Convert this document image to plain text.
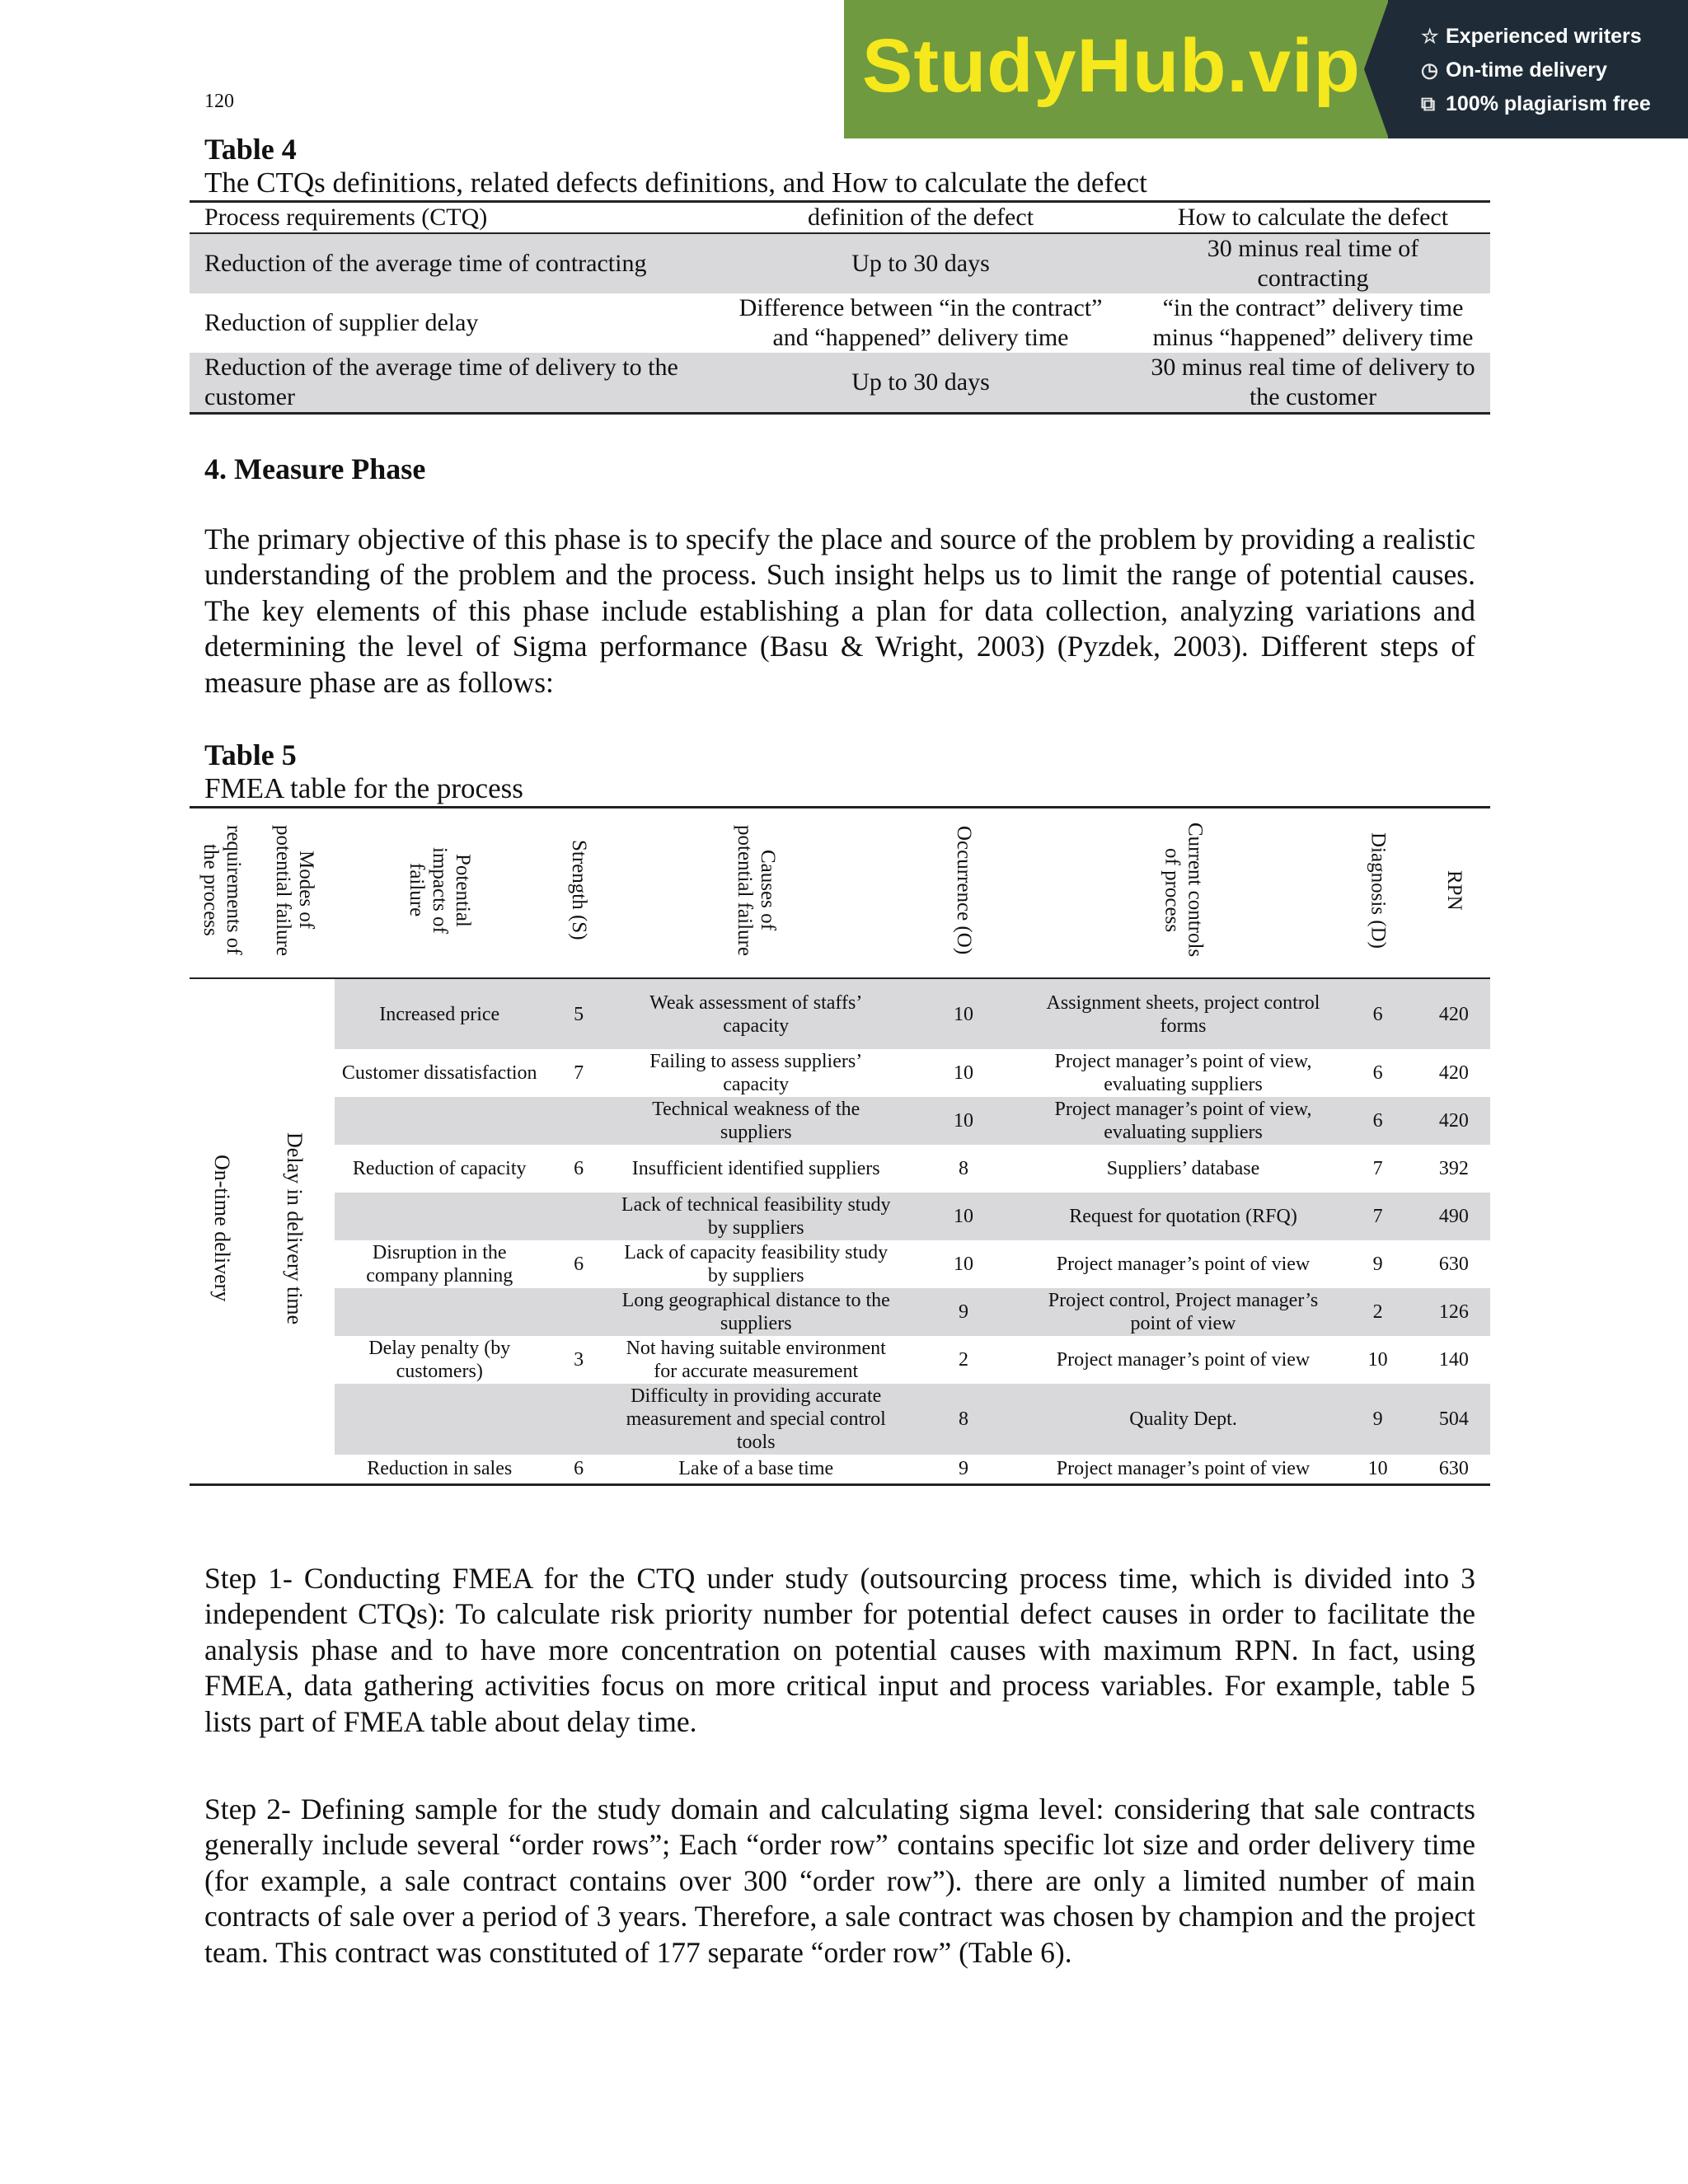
StudyHub.vip	☆ Experienced writers
◷ On-time delivery
⧉ 100% plagiarism free
120
Table 4
The CTQs definitions, related defects definitions, and How to calculate the defect
Process requirements (CTQ)	definition of the defect	How to calculate the defect
Reduction of the average time of contracting	Up to 30 days	30 minus real time of contracting
Reduction of supplier delay	Difference between “in the contract” and “happened” delivery time	“in the contract” delivery time minus “happened” delivery time
Reduction of the average time of delivery to the customer	Up to 30 days	30 minus real time of delivery to the customer
4. Measure Phase
The primary objective of this phase is to specify the place and source of the problem by providing a realistic understanding of the problem and the process. Such insight helps us to limit the range of potential causes. The key elements of this phase include establishing a plan for data collection, analyzing variations and determining the level of Sigma performance (Basu & Wright, 2003) (Pyzdek, 2003). Different steps of measure phase are as follows:
Table 5
FMEA table for the process
requirements of the process	Modes of potential failure	Potential impacts of failure	Strength (S)	Causes of potential failure	Occurrence (O)	Current controls of process	Diagnosis (D)	RPN
On-time delivery	Delay in delivery time	Increased price	5	Weak assessment of staffs’ capacity	10	Assignment sheets, project control forms	6	420
		Customer dissatisfaction	7	Failing to assess suppliers’ capacity	10	Project manager’s point of view, evaluating suppliers	6	420
				Technical weakness of the suppliers	10	Project manager’s point of view, evaluating suppliers	6	420
		Reduction of capacity	6	Insufficient identified suppliers	8	Suppliers’ database	7	392
				Lack of technical feasibility study by suppliers	10	Request for quotation (RFQ)	7	490
		Disruption in the company planning	6	Lack of capacity feasibility study by suppliers	10	Project manager’s point of view	9	630
				Long geographical distance to the suppliers	9	Project control, Project manager’s point of view	2	126
		Delay penalty (by customers)	3	Not having suitable environment for accurate measurement	2	Project manager’s point of view	10	140
				Difficulty in providing accurate measurement and special control tools	8	Quality Dept.	9	504
		Reduction in sales	6	Lake of a base time	9	Project manager’s point of view	10	630
Step 1- Conducting FMEA for the CTQ under study (outsourcing process time, which is divided into 3 independent CTQs): To calculate risk priority number for potential defect causes in order to facilitate the analysis phase and to have more concentration on potential causes with maximum RPN. In fact, using FMEA, data gathering activities focus on more critical input and process variables. For example, table 5 lists part of FMEA table about delay time.
Step 2- Defining sample for the study domain and calculating sigma level: considering that sale contracts generally include several “order rows”; Each “order row” contains specific lot size and order delivery time (for example, a sale contract contains over 300 “order row”). there are only a limited number of main contracts of sale over a period of 3 years. Therefore, a sale contract was chosen by champion and the project team. This contract was constituted of 177 separate “order row” (Table 6).
